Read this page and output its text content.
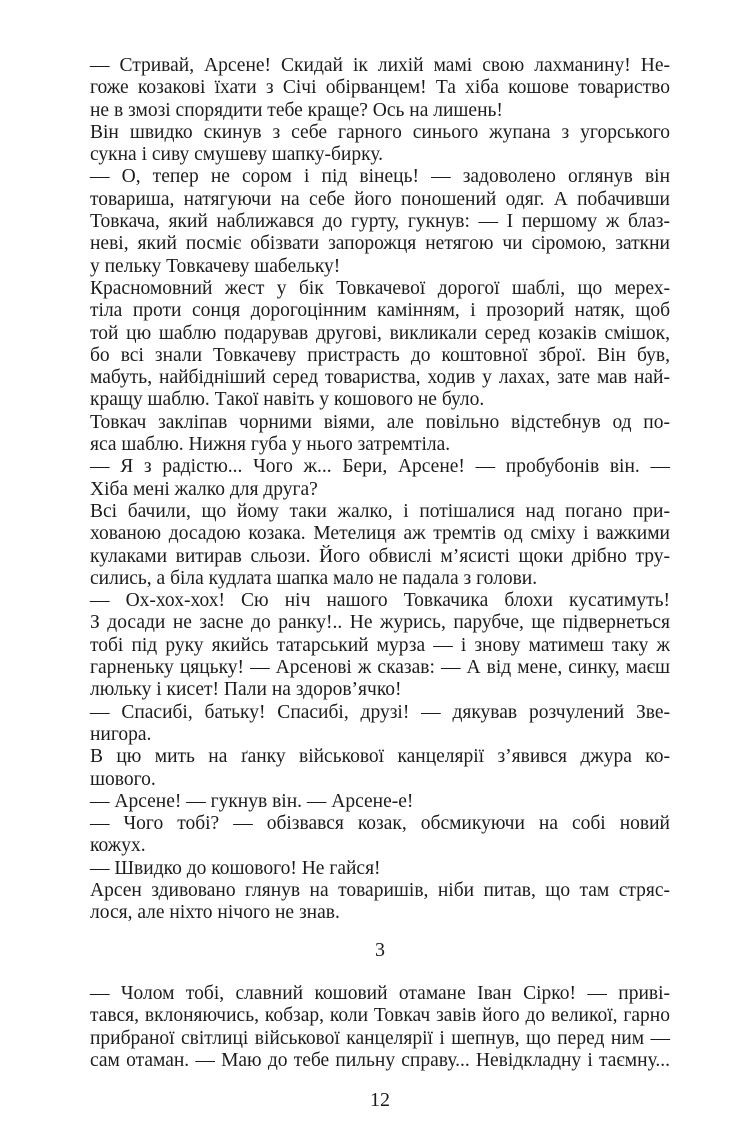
— Стривай, Арсене! Скидай ік лихій мамі свою лахманину! Не-
гоже козакові їхати з Січі обірванцем! Та хіба кошове товариство
не в змозі спорядити тебе краще? Ось на лишень!
Він швидко скинув з себе гарного синього жупана з угорського
сукна і сиву смушеву шапку-бирку.
— О, тепер не сором і під вінець! — задоволено оглянув він
товариша, натягуючи на себе його поношений одяг. А побачивши
Товкача, який наближався до гурту, гукнув: — І першому ж блаз-
неві, який посміє обізвати запорожця нетягою чи сіромою, заткни
у пельку Товкачеву шабельку!
Красномовний жест у бік Товкачевої дорогої шаблі, що мерех-
тіла проти сонця дорогоцінним камінням, і прозорий натяк, щоб
той цю шаблю подарував другові, викликали серед козаків смішок,
бо всі знали Товкачеву пристрасть до коштовної зброї. Він був,
мабуть, найбідніший серед товариства, ходив у лахах, зате мав най-
кращу шаблю. Такої навіть у кошового не було.
Товкач закліпав чорними віями, але повільно відстебнув од по-
яса шаблю. Нижня губа у нього затремтіла.
— Я з радістю... Чого ж... Бери, Арсене! — пробубонів він. —
Хіба мені жалко для друга?
Всі бачили, що йому таки жалко, і потішалися над погано при-
хованою досадою козака. Метелиця аж тремтів од сміху і важкими
кулаками витирав сльози. Його обвислі м’ясисті щоки дрібно тру-
сились, а біла кудлата шапка мало не падала з голови.
— Ох-хох-хох! Сю ніч нашого Товкачика блохи кусатимуть!
З досади не засне до ранку!.. Не журись, парубче, ще підвернеться
тобі під руку якийсь татарський мурза — і знову матимеш таку ж
гарненьку цяцьку! — Арсенові ж сказав: — А від мене, синку, маєш
люльку і кисет! Пали на здоров’ячко!
— Спасибі, батьку! Спасибі, друзі! — дякував розчулений Зве-
нигора.
В цю мить на ґанку військової канцелярії з’явився джура ко-
шового.
— Арсене! — гукнув він. — Арсене-е!
— Чого тобі? — обізвався козак, обсмикуючи на собі новий
кожух.
— Швидко до кошового! Не гайся!
Арсен здивовано глянув на товаришів, ніби питав, що там стряс-
лося, але ніхто нічого не знав.
3
— Чолом тобі, славний кошовий отамане Іван Сірко! — приві-
тався, вклоняючись, кобзар, коли Товкач завів його до великої, гарно
прибраної світлиці військової канцелярії і шепнув, що перед ним —
сам отаман. — Маю до тебе пильну справу... Невідкладну і таємну...
12
